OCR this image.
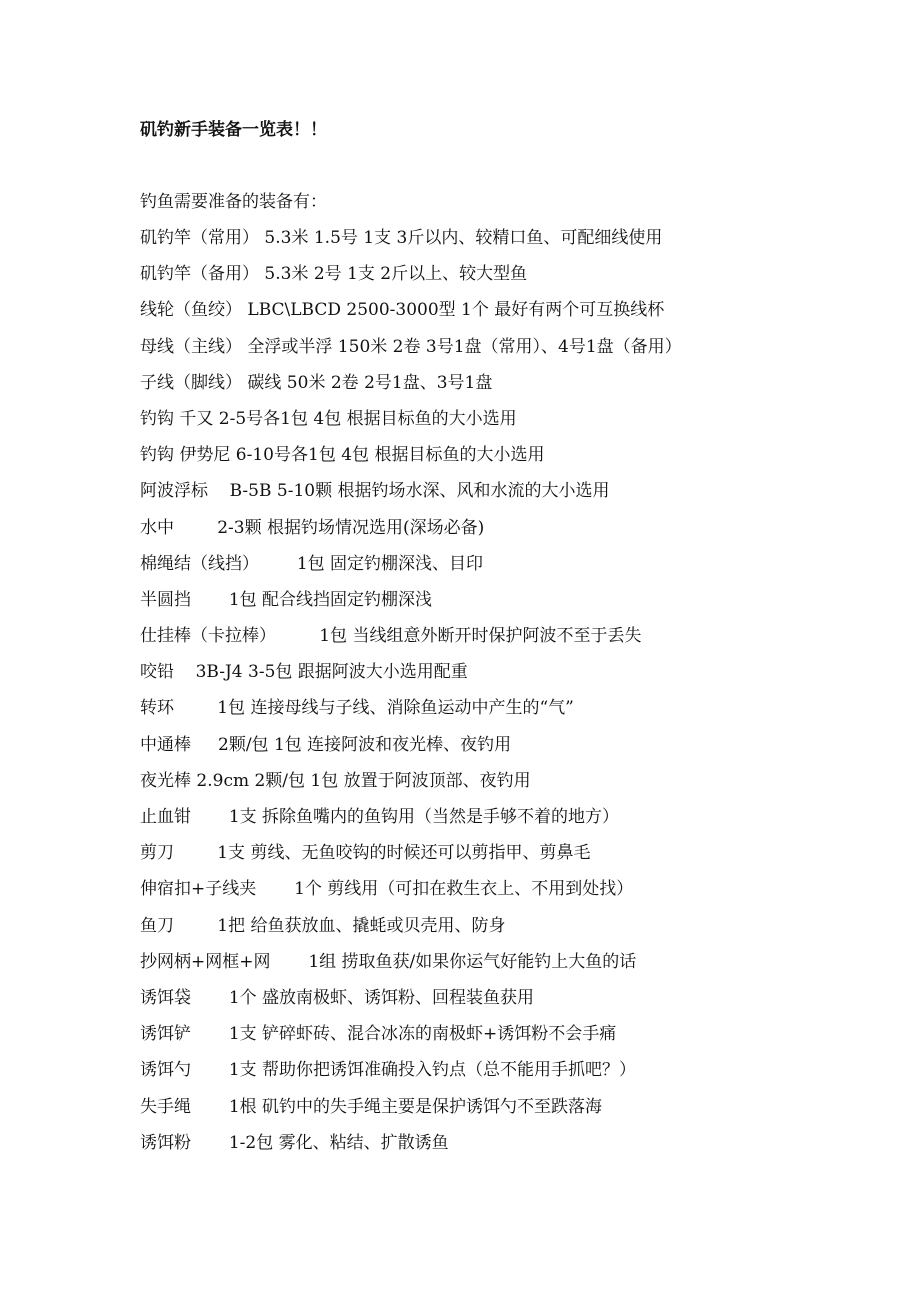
矶钓新手装备一览表！！

钓鱼需要准备的装备有：

矶钓竿（常用） 5.3米 1.5号 1支 3斤以内、较精口鱼、可配细线使用
矶钓竿（备用） 5.3米 2号 1支 2斤以上、较大型鱼
线轮（鱼绞） LBC\LBCD 2500-3000型 1个 最好有两个可互换线杯
母线（主线） 全浮或半浮 150米 2卷 3号1盘（常用）、4号1盘（备用）
子线（脚线） 碳线 50米 2卷 2号1盘、3号1盘
钓钩 千又 2-5号各1包 4包 根据目标鱼的大小选用
钓钩 伊势尼 6-10号各1包 4包 根据目标鱼的大小选用
阿波浮标    B-5B 5-10颗 根据钓场水深、风和水流的大小选用
水中        2-3颗 根据钓场情况选用(深场必备)
棉绳结（线挡）       1包 固定钓棚深浅、目印
半圆挡       1包 配合线挡固定钓棚深浅
仕挂棒（卡拉棒）        1包 当线组意外断开时保护阿波不至于丢失
咬铅    3B-J4 3-5包 跟据阿波大小选用配重
转环        1包 连接母线与子线、消除鱼运动中产生的“气”
中通棒     2颗/包 1包 连接阿波和夜光棒、夜钓用
夜光棒 2.9cm 2颗/包 1包 放置于阿波顶部、夜钓用
止血钳       1支 拆除鱼嘴内的鱼钩用（当然是手够不着的地方）
剪刀        1支 剪线、无鱼咬钩的时候还可以剪指甲、剪鼻毛
伸宿扣+子线夹       1个 剪线用（可扣在救生衣上、不用到处找）
鱼刀        1把 给鱼获放血、撬蚝或贝壳用、防身
抄网柄+网框+网       1组 捞取鱼获/如果你运气好能钓上大鱼的话
诱饵袋       1个 盛放南极虾、诱饵粉、回程装鱼获用
诱饵铲       1支 铲碎虾砖、混合冰冻的南极虾+诱饵粉不会手痛
诱饵勺       1支 帮助你把诱饵准确投入钓点（总不能用手抓吧？）
失手绳       1根 矶钓中的失手绳主要是保护诱饵勺不至跌落海
诱饵粉       1-2包 雾化、粘结、扩散诱鱼
